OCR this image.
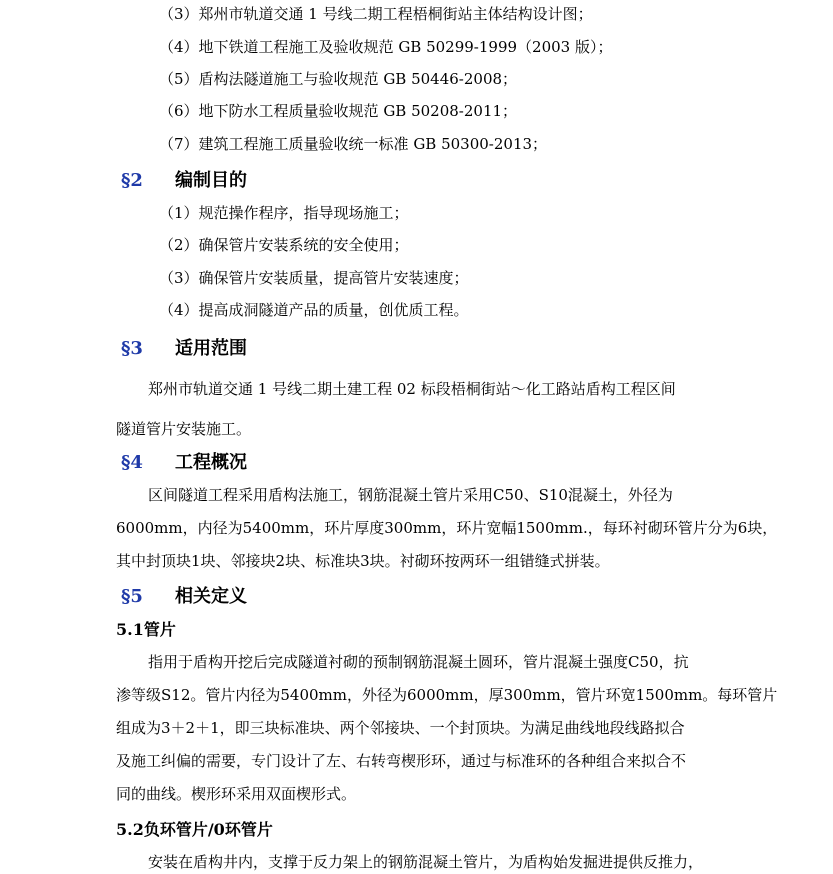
（3）郑州市轨道交通 1 号线二期工程梧桐街站主体结构设计图；
（4）地下铁道工程施工及验收规范 GB 50299-1999（2003 版）；
（5）盾构法隧道施工与验收规范 GB 50446-2008；
（6）地下防水工程质量验收规范 GB 50208-2011；
（7）建筑工程施工质量验收统一标准 GB 50300-2013；
§2 编制目的
（1）规范操作程序，指导现场施工；
（2）确保管片安装系统的安全使用；
（3）确保管片安装质量，提高管片安装速度；
（4）提高成洞隧道产品的质量，创优质工程。
§3 适用范围
郑州市轨道交通 1 号线二期土建工程 02 标段梧桐街站～化工路站盾构工程区间
隧道管片安装施工。
§4 工程概况
区间隧道工程采用盾构法施工，钢筋混凝土管片采用C50、S10混凝土，外径为
6000mm，内径为5400mm，环片厚度300mm，环片宽幅1500mm.，每环衬砌环管片分为6块，
其中封顶块1块、邻接块2块、标准块3块。衬砌环按两环一组错缝式拼装。
§5 相关定义
5.1管片
指用于盾构开挖后完成隧道衬砌的预制钢筋混凝土圆环，管片混凝土强度C50，抗
渗等级S12。管片内径为5400mm，外径为6000mm，厚300mm，管片环宽1500mm。每环管片
组成为3＋2＋1，即三块标准块、两个邻接块、一个封顶块。为满足曲线地段线路拟合
及施工纠偏的需要，专门设计了左、右转弯楔形环，通过与标准环的各种组合来拟合不
同的曲线。楔形环采用双面楔形式。
5.2负环管片/0环管片
安装在盾构井内，支撑于反力架上的钢筋混凝土管片，为盾构始发掘进提供反推力，
